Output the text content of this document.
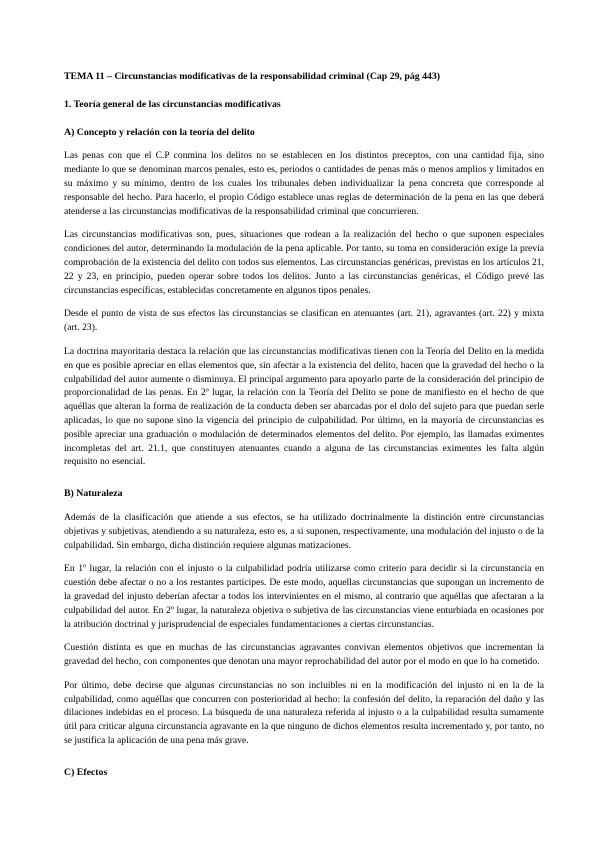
TEMA 11 – Circunstancias modificativas de la responsabilidad criminal (Cap 29, pág 443)
1. Teoría general de las circunstancias modificativas
A) Concepto y relación con la teoría del delito

Las penas con que el C.P conmina los delitos no se establecen en los distintos preceptos, con una cantidad fija, sino mediante lo que se denominan marcos penales, esto es, periodos o cantidades de penas más o menos amplios y limitados en su máximo y su mínimo, dentro de los cuales los tribunales deben individualizar la pena concreta que corresponde al responsable del hecho. Para hacerlo, el propio Código establece unas reglas de determinación de la pena en las que deberá atenderse a las circunstancias modificativas de la responsabilidad criminal que concurrieren.

Las circunstancias modificativas son, pues, situaciones que rodean a la realización del hecho o que suponen especiales condiciones del autor, determinando la modulación de la pena aplicable. Por tanto, su toma en consideración exige la previa comprobación de la existencia del delito con todos sus elementos. Las circunstancias genéricas, previstas en los artículos 21, 22 y 23, en principio, pueden operar sobre todos los delitos. Junto a las circunstancias genéricas, el Código prevé las circunstancias específicas, establecidas concretamente en algunos tipos penales.

Desde el punto de vista de sus efectos las circunstancias se clasifican en atenuantes (art. 21), agravantes (art. 22) y mixta (art. 23).

La doctrina mayoritaria destaca la relación que las circunstancias modificativas tienen con la Teoría del Delito en la medida en que es posible apreciar en ellas elementos que, sin afectar a la existencia del delito, hacen que la gravedad del hecho o la culpabilidad del autor aumente o disminuya. El principal argumento para apoyarlo parte de la consideración del principio de proporcionalidad de las penas. En 2º lugar, la relación con la Teoría del Delito se pone de manifiesto en el hecho de que aquéllas que alteran la forma de realización de la conducta deben ser abarcadas por el dolo del sujeto para que puedan serle aplicadas, lo que no supone sino la vigencia del principio de culpabilidad. Por último, en la mayoría de circunstancias es posible apreciar una graduación o modulación de determinados elementos del delito. Por ejemplo, las llamadas eximentes incompletas del art. 21.1, que constituyen atenuantes cuando a alguna de las circunstancias eximentes les falta algún requisito no esencial.

B) Naturaleza

Además de la clasificación que atiende a sus efectos, se ha utilizado doctrinalmente la distinción entre circunstancias objetivas y subjetivas, atendiendo a su naturaleza, esto es, a si suponen, respectivamente, una modulación del injusto o de la culpabilidad. Sin embargo, dicha distinción requiere algunas matizaciones.

En 1º lugar, la relación con el injusto o la culpabilidad podría utilizarse como criterio para decidir si la circunstancia en cuestión debe afectar o no a los restantes partícipes. De este modo, aquellas circunstancias que supongan un incremento de la gravedad del injusto deberían afectar a todos los intervinientes en el mismo, al contrario que aquéllas que afectaran a la culpabilidad del autor. En 2º lugar, la naturaleza objetiva o subjetiva de las circunstancias viene enturbiada en ocasiones por la atribución doctrinal y jurisprudencial de especiales fundamentaciones a ciertas circunstancias.

Cuestión distinta es que en muchas de las circunstancias agravantes convivan elementos objetivos que incrementan la gravedad del hecho, con componentes que denotan una mayor reprochabilidad del autor por el modo en que lo ha cometido.

Por último, debe decirse que algunas circunstancias no son incluibles ni en la modificación del injusto ni en la de la culpabilidad, como aquéllas que concurren con posterioridad al hecho: la confesión del delito, la reparación del daño y las dilaciones indebidas en el proceso. La búsqueda de una naturaleza referida al injusto o a la culpabilidad resulta sumamente útil para criticar alguna circunstancia agravante en la que ninguno de dichos elementos resulta incrementado y, por tanto, no se justifica la aplicación de una pena más grave.

C) Efectos
